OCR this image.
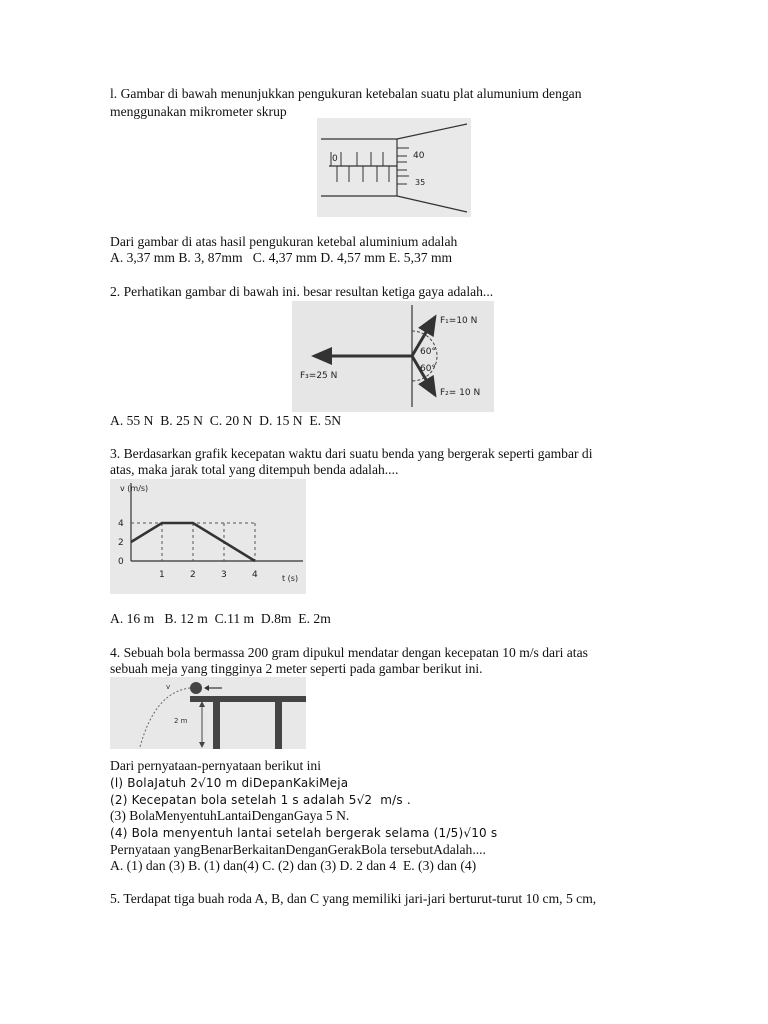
l. Gambar di bawah menunjukkan pengukuran ketebalan suatu plat alumunium dengan
menggunakan mikrometer skrup
0	40
35
Dari gambar di atas hasil pengukuran ketebal aluminium adalah
A. 3,37 mm B. 3, 87mm   C. 4,37 mm D. 4,57 mm E. 5,37 mm
2. Perhatikan gambar di bawah ini. besar resultan ketiga gaya adalah...
F₁=10 N
F₂= 10 N
F₃=25 N
60°
60°
A. 55 N  B. 25 N  C. 20 N  D. 15 N  E. 5N
3. Berdasarkan grafik kecepatan waktu dari suatu benda yang bergerak seperti gambar di
atas, maka jarak total yang ditempuh benda adalah....
1	2	3	4
0
2
4
v (m/s)
t (s)
A. 16 m   B. 12 m  C.11 m  D.8m  E. 2m
4. Sebuah bola bermassa 200 gram dipukul mendatar dengan kecepatan 10 m/s dari atas
sebuah meja yang tingginya 2 meter seperti pada gambar berikut ini.
v
2 m
Dari pernyataan-pernyataan berikut ini
(l) BolaJatuh 2√10 m diDepanKakiMeja
(2) Kecepatan bola setelah 1 s adalah 5√2  m/s .
(3) BolaMenyentuhLantaiDenganGaya 5 N.
(4) Bola menyentuh lantai setelah bergerak selama (1/5)√10 s
Pernyataan yangBenarBerkaitanDenganGerakBola tersebutAdalah....
A. (1) dan (3) B. (1) dan(4) C. (2) dan (3) D. 2 dan 4  E. (3) dan (4)
5. Terdapat tiga buah roda A, B, dan C yang memiliki jari-jari berturut-turut 10 cm, 5 cm,
